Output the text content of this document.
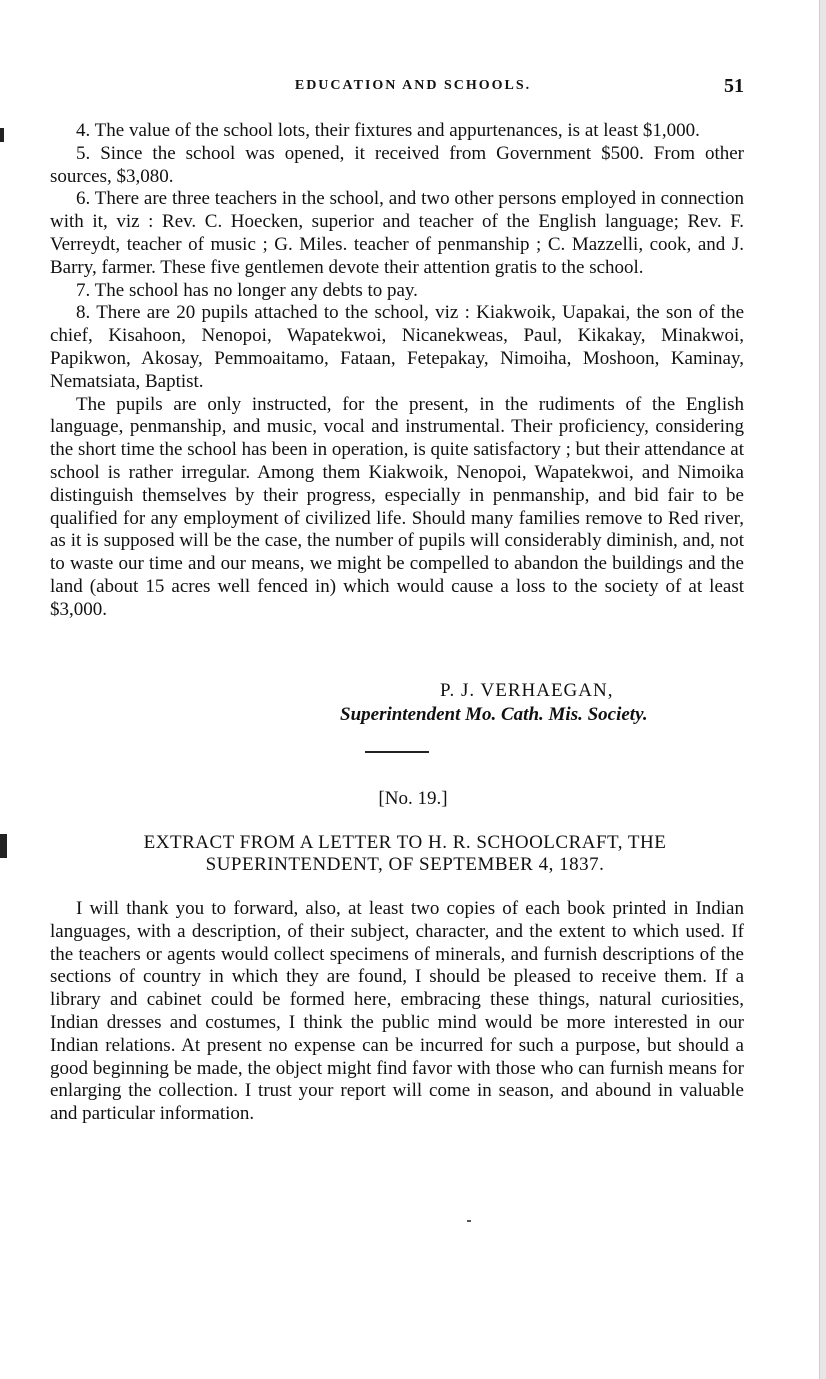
EDUCATION AND SCHOOLS.	51

4. The value of the school lots, their fixtures and appurtenances, is at least $1,000.

5. Since the school was opened, it received from Government $500. From other sources, $3,080.

6. There are three teachers in the school, and two other persons employed in connection with it, viz : Rev. C. Hoecken, superior and teacher of the English language; Rev. F. Verreydt, teacher of music ; G. Miles. teacher of penmanship ; C. Mazzelli, cook, and J. Barry, farmer. These five gentlemen devote their attention gratis to the school.

7. The school has no longer any debts to pay.

8. There are 20 pupils attached to the school, viz : Kiakwoik, Uapakai, the son of the chief, Kisahoon, Nenopoi, Wapatekwoi, Nicanekweas, Paul, Kikakay, Minakwoi, Papikwon, Akosay, Pemmoaitamo, Fataan, Fetepakay, Nimoiha, Moshoon, Kaminay, Nematsiata, Baptist.

The pupils are only instructed, for the present, in the rudiments of the English language, penmanship, and music, vocal and instrumental. Their proficiency, considering the short time the school has been in operation, is quite satisfactory ; but their attendance at school is rather irregular. Among them Kiakwoik, Nenopoi, Wapatekwoi, and Nimoika distinguish themselves by their progress, especially in penmanship, and bid fair to be qualified for any employment of civilized life. Should many families remove to Red river, as it is supposed will be the case, the number of pupils will considerably diminish, and, not to waste our time and our means, we might be compelled to abandon the buildings and the land (about 15 acres well fenced in) which would cause a loss to the society of at least $3,000.

P. J. VERHAEGAN,
Superintendent Mo. Cath. Mis. Society.
[No. 19.]
EXTRACT FROM A LETTER TO H. R. SCHOOLCRAFT, THE
SUPERINTENDENT, OF SEPTEMBER 4, 1837.

I will thank you to forward, also, at least two copies of each book printed in Indian languages, with a description, of their subject, character, and the extent to which used. If the teachers or agents would collect specimens of minerals, and furnish descriptions of the sections of country in which they are found, I should be pleased to receive them. If a library and cabinet could be formed here, embracing these things, natural curiosities, Indian dresses and costumes, I think the public mind would be more interested in our Indian relations. At present no expense can be incurred for such a purpose, but should a good beginning be made, the object might find favor with those who can furnish means for enlarging the collection. I trust your report will come in season, and abound in valuable and particular information.
